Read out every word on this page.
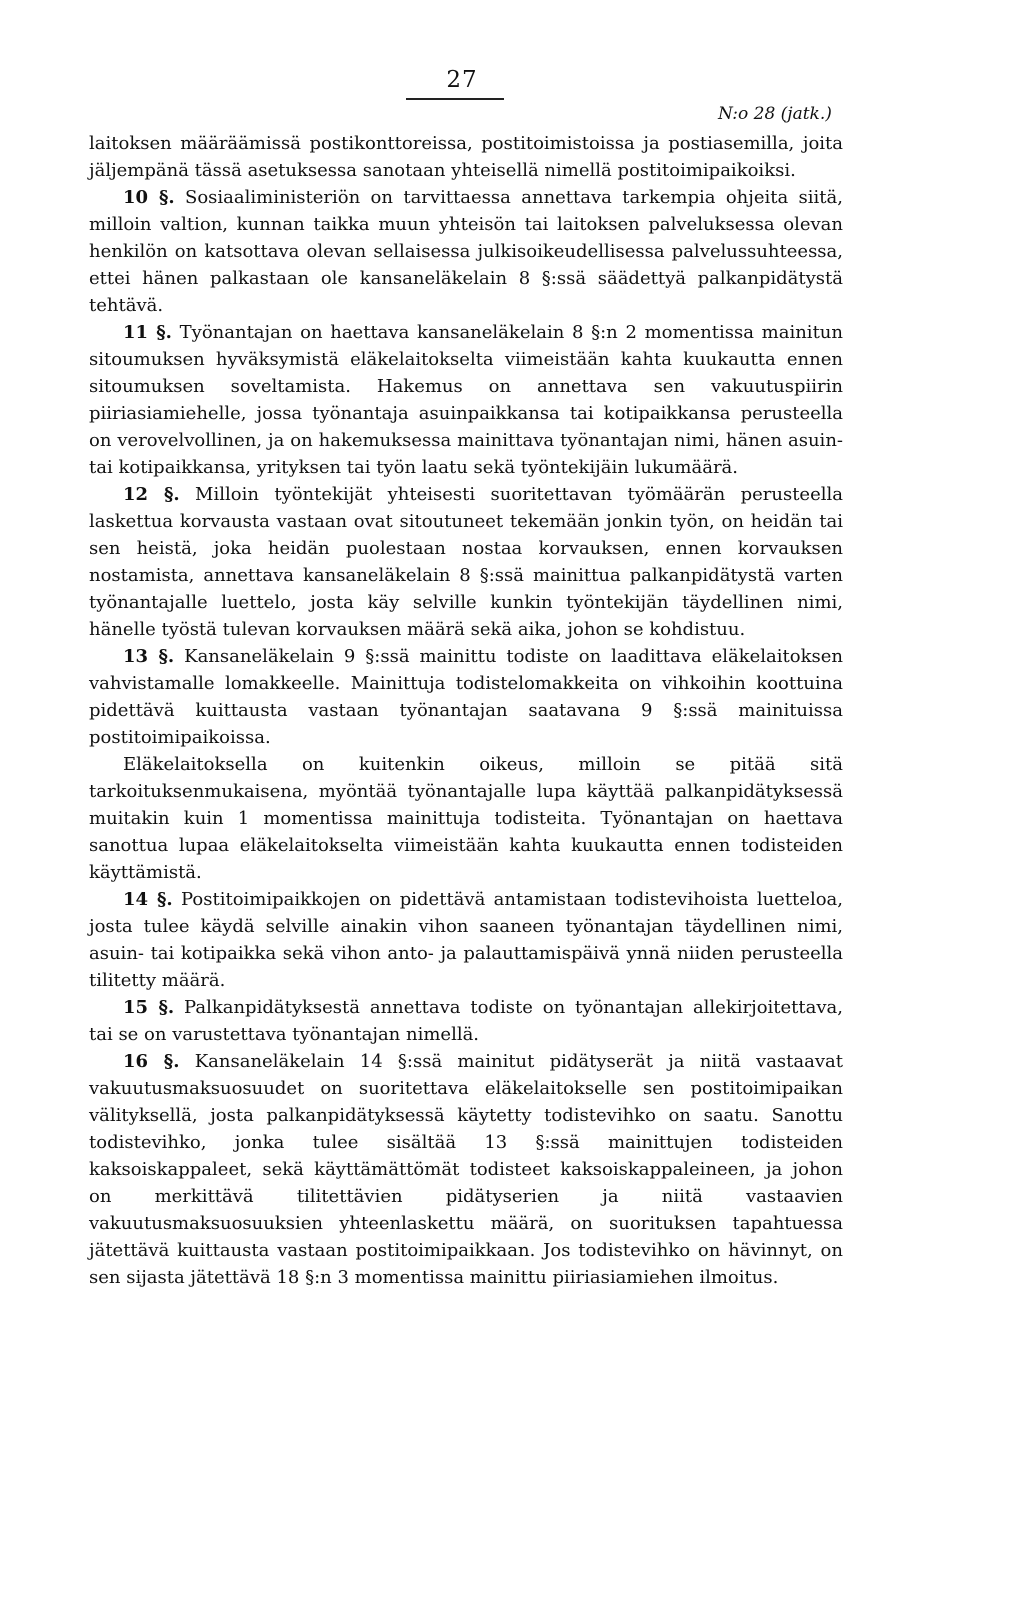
27
N:o 28 (jatk.)

laitoksen määräämissä postikonttoreissa, postitoimistoissa ja postiasemilla, joita jäljempänä tässä asetuksessa sanotaan yhteisellä nimellä postitoimipaikoiksi.

10 §. Sosiaaliministeriön on tarvittaessa annettava tarkempia ohjeita siitä, milloin valtion, kunnan taikka muun yhteisön tai laitoksen palveluksessa olevan henkilön on katsottava olevan sellaisessa julkisoikeudellisessa palvelussuhteessa, ettei hänen palkastaan ole kansaneläkelain 8 §:ssä säädettyä palkanpidätystä tehtävä.

11 §. Työnantajan on haettava kansaneläkelain 8 §:n 2 momentissa mainitun sitoumuksen hyväksymistä eläkelaitokselta viimeistään kahta kuukautta ennen sitoumuksen soveltamista. Hakemus on annettava sen vakuutuspiirin piiriasiamiehelle, jossa työnantaja asuinpaikkansa tai kotipaikkansa perusteella on verovelvollinen, ja on hakemuksessa mainittava työnantajan nimi, hänen asuin- tai kotipaikkansa, yrityksen tai työn laatu sekä työntekijäin lukumäärä.

12 §. Milloin työntekijät yhteisesti suoritettavan työmäärän perusteella laskettua korvausta vastaan ovat sitoutuneet tekemään jonkin työn, on heidän tai sen heistä, joka heidän puolestaan nostaa korvauksen, ennen korvauksen nostamista, annettava kansaneläkelain 8 §:ssä mainittua palkanpidätystä varten työnantajalle luettelo, josta käy selville kunkin työntekijän täydellinen nimi, hänelle työstä tulevan korvauksen määrä sekä aika, johon se kohdistuu.

13 §. Kansaneläkelain 9 §:ssä mainittu todiste on laadittava eläkelaitoksen vahvistamalle lomakkeelle. Mainittuja todistelomakkeita on vihkoihin koottuina pidettävä kuittausta vastaan työnantajan saatavana 9 §:ssä mainituissa postitoimipaikoissa.

Eläkelaitoksella on kuitenkin oikeus, milloin se pitää sitä tarkoituksenmukaisena, myöntää työnantajalle lupa käyttää palkanpidätyksessä muitakin kuin 1 momentissa mainittuja todisteita. Työnantajan on haettava sanottua lupaa eläkelaitokselta viimeistään kahta kuukautta ennen todisteiden käyttämistä.

14 §. Postitoimipaikkojen on pidettävä antamistaan todistevihoista luetteloa, josta tulee käydä selville ainakin vihon saaneen työnantajan täydellinen nimi, asuin- tai kotipaikka sekä vihon anto- ja palauttamispäivä ynnä niiden perusteella tilitetty määrä.

15 §. Palkanpidätyksestä annettava todiste on työnantajan allekirjoitettava, tai se on varustettava työnantajan nimellä.

16 §. Kansaneläkelain 14 §:ssä mainitut pidätyserät ja niitä vastaavat vakuutusmaksuosuudet on suoritettava eläkelaitokselle sen postitoimipaikan välityksellä, josta palkanpidätyksessä käytetty todistevihko on saatu. Sanottu todistevihko, jonka tulee sisältää 13 §:ssä mainittujen todisteiden kaksoiskappaleet, sekä käyttämättömät todisteet kaksoiskappaleineen, ja johon on merkittävä tilitettävien pidätyserien ja niitä vastaavien vakuutusmaksuosuuksien yhteenlaskettu määrä, on suorituksen tapahtuessa jätettävä kuittausta vastaan postitoimipaikkaan. Jos todistevihko on hävinnyt, on sen sijasta jätettävä 18 §:n 3 momentissa mainittu piiriasiamiehen ilmoitus.
